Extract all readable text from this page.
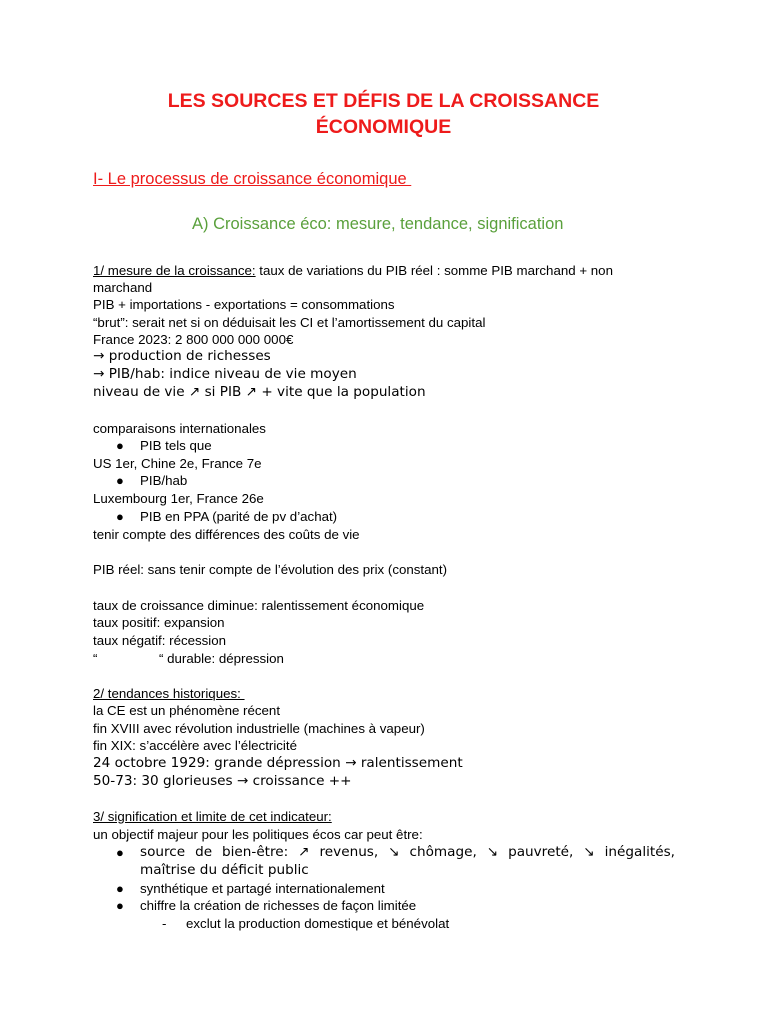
LES SOURCES ET DÉFIS DE LA CROISSANCE
ÉCONOMIQUE
I- Le processus de croissance économique
A) Croissance éco: mesure, tendance, signification
1/ mesure de la croissance: taux de variations du PIB réel : somme PIB marchand + non
marchand
PIB + importations - exportations = consommations
“brut”: serait net si on déduisait les CI et l’amortissement du capital
France 2023: 2 800 000 000 000€
→ production de richesses
→ PIB/hab: indice niveau de vie moyen
niveau de vie ↗ si PIB ↗ + vite que la population
comparaisons internationales
● PIB tels que
US 1er, Chine 2e, France 7e
● PIB/hab
Luxembourg 1er, France 26e
● PIB en PPA (parité de pv d’achat)
tenir compte des différences des coûts de vie
PIB réel: sans tenir compte de l’évolution des prix (constant)
taux de croissance diminue: ralentissement économique
taux positif: expansion
taux négatif: récession
“	“ durable: dépression
2/ tendances historiques:
la CE est un phénomène récent
fin XVIII avec révolution industrielle (machines à vapeur)
fin XIX: s’accélère avec l’électricité
24 octobre 1929: grande dépression → ralentissement
50-73: 30 glorieuses → croissance ++
3/ signification et limite de cet indicateur:
un objectif majeur pour les politiques écos car peut être:
● source de bien-être: ↗ revenus, ↘ chômage, ↘ pauvreté, ↘ inégalités,
maîtrise du déficit public
● synthétique et partagé internationalement
● chiffre la création de richesses de façon limitée
- exclut la production domestique et bénévolat
